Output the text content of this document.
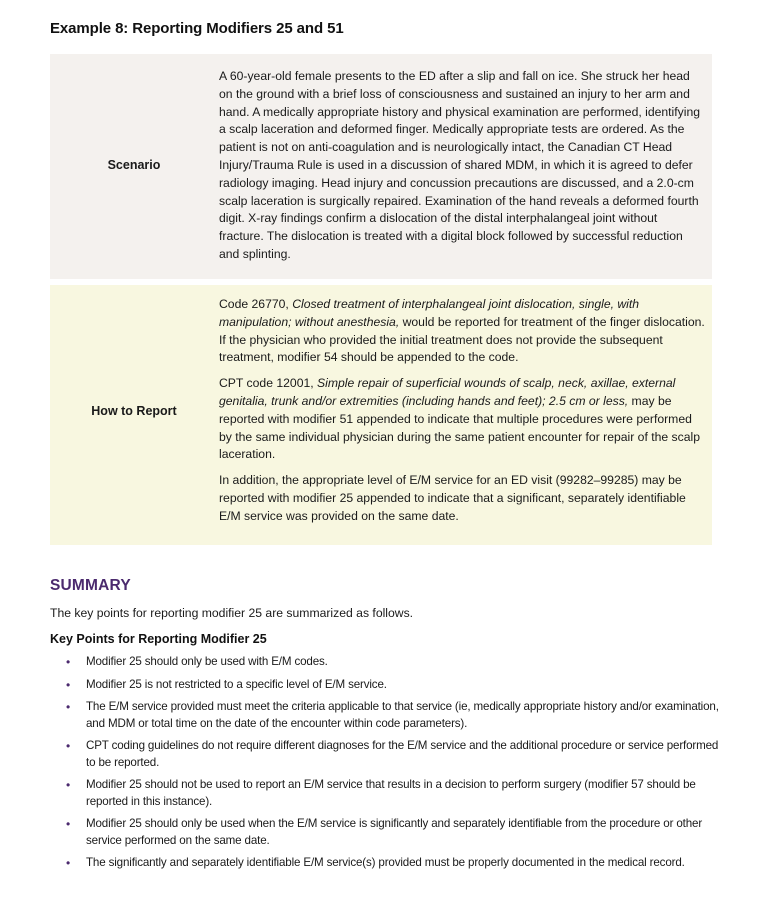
Example 8: Reporting Modifiers 25 and 51
Scenario

A 60-year-old female presents to the ED after a slip and fall on ice. She struck her head on the ground with a brief loss of consciousness and sustained an injury to her arm and hand. A medically appropriate history and physical examination are performed, identifying a scalp laceration and deformed finger. Medically appropriate tests are ordered. As the patient is not on anti-coagulation and is neurologically intact, the Canadian CT Head Injury/Trauma Rule is used in a discussion of shared MDM, in which it is agreed to defer radiology imaging. Head injury and concussion precautions are discussed, and a 2.0-cm scalp laceration is surgically repaired. Examination of the hand reveals a deformed fourth digit. X-ray findings confirm a dislocation of the distal interphalangeal joint without fracture. The dislocation is treated with a digital block followed by successful reduction and splinting.

How to Report

Code 26770, Closed treatment of interphalangeal joint dislocation, single, with manipulation; without anesthesia, would be reported for treatment of the finger dislocation. If the physician who provided the initial treatment does not provide the subsequent treatment, modifier 54 should be appended to the code.

CPT code 12001, Simple repair of superficial wounds of scalp, neck, axillae, external genitalia, trunk and/or extremities (including hands and feet); 2.5 cm or less, may be reported with modifier 51 appended to indicate that multiple procedures were performed by the same individual physician during the same patient encounter for repair of the scalp laceration.

In addition, the appropriate level of E/M service for an ED visit (99282–99285) may be reported with modifier 25 appended to indicate that a significant, separately identifiable E/M service was provided on the same date.

SUMMARY
The key points for reporting modifier 25 are summarized as follows.
Key Points for Reporting Modifier 25
• Modifier 25 should only be used with E/M codes.
• Modifier 25 is not restricted to a specific level of E/M service.
• The E/M service provided must meet the criteria applicable to that service (ie, medically appropriate history and/or examination, and MDM or total time on the date of the encounter within code parameters).
• CPT coding guidelines do not require different diagnoses for the E/M service and the additional procedure or service performed to be reported.
• Modifier 25 should not be used to report an E/M service that results in a decision to perform surgery (modifier 57 should be reported in this instance).
• Modifier 25 should only be used when the E/M service is significantly and separately identifiable from the procedure or other service performed on the same date.
• The significantly and separately identifiable E/M service(s) provided must be properly documented in the medical record.
